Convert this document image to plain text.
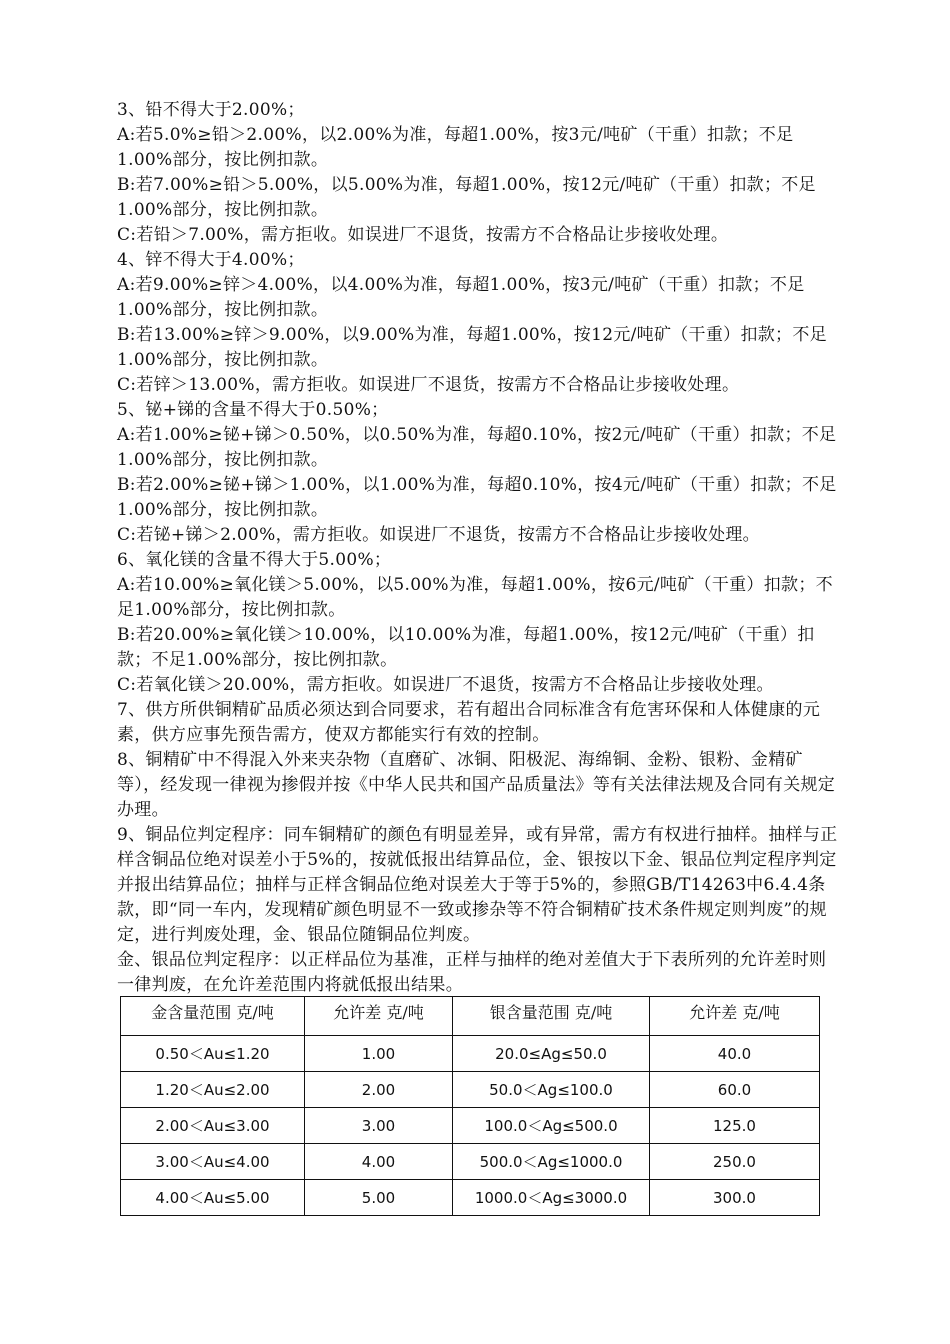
3、铅不得大于2.00%；

A:若5.0%≥铅＞2.00%，以2.00%为准，每超1.00%，按3元/吨矿（干重）扣款；不足1.00%部分，按比例扣款。

B:若7.00%≥铅＞5.00%，以5.00%为准，每超1.00%，按12元/吨矿（干重）扣款；不足1.00%部分，按比例扣款。

C:若铅＞7.00%，需方拒收。如误进厂不退货，按需方不合格品让步接收处理。

4、锌不得大于4.00%；

A:若9.00%≥锌＞4.00%，以4.00%为准，每超1.00%，按3元/吨矿（干重）扣款；不足1.00%部分，按比例扣款。

B:若13.00%≥锌＞9.00%，以9.00%为准，每超1.00%，按12元/吨矿（干重）扣款；不足1.00%部分，按比例扣款。

C:若锌＞13.00%，需方拒收。如误进厂不退货，按需方不合格品让步接收处理。

5、铋+锑的含量不得大于0.50%；

A:若1.00%≥铋+锑＞0.50%，以0.50%为准，每超0.10%，按2元/吨矿（干重）扣款；不足1.00%部分，按比例扣款。

B:若2.00%≥铋+锑＞1.00%，以1.00%为准，每超0.10%，按4元/吨矿（干重）扣款；不足1.00%部分，按比例扣款。

C:若铋+锑＞2.00%，需方拒收。如误进厂不退货，按需方不合格品让步接收处理。

6、氧化镁的含量不得大于5.00%；

A:若10.00%≥氧化镁＞5.00%，以5.00%为准，每超1.00%，按6元/吨矿（干重）扣款；不足1.00%部分，按比例扣款。

B:若20.00%≥氧化镁＞10.00%，以10.00%为准，每超1.00%，按12元/吨矿（干重）扣款；不足1.00%部分，按比例扣款。

C:若氧化镁＞20.00%，需方拒收。如误进厂不退货，按需方不合格品让步接收处理。

7、供方所供铜精矿品质必须达到合同要求，若有超出合同标准含有危害环保和人体健康的元素，供方应事先预告需方，使双方都能实行有效的控制。

8、铜精矿中不得混入外来夹杂物（直磨矿、冰铜、阳极泥、海绵铜、金粉、银粉、金精矿等），经发现一律视为掺假并按《中华人民共和国产品质量法》等有关法律法规及合同有关规定办理。

9、铜品位判定程序：同车铜精矿的颜色有明显差异，或有异常，需方有权进行抽样。抽样与正样含铜品位绝对误差小于5%的，按就低报出结算品位，金、银按以下金、银品位判定程序判定并报出结算品位；抽样与正样含铜品位绝对误差大于等于5%的，参照GB/T14263中6.4.4条款，即“同一车内，发现精矿颜色明显不一致或掺杂等不符合铜精矿技术条件规定则判废”的规定，进行判废处理，金、银品位随铜品位判废。

金、银品位判定程序：以正样品位为基准，正样与抽样的绝对差值大于下表所列的允许差时则一律判废，在允许差范围内将就低报出结果。

金含量范围 克/吨	允许差 克/吨	银含量范围 克/吨	允许差 克/吨
0.50＜Au≤1.20	1.00	20.0≤Ag≤50.0	40.0
1.20＜Au≤2.00	2.00	50.0＜Ag≤100.0	60.0
2.00＜Au≤3.00	3.00	100.0＜Ag≤500.0	125.0
3.00＜Au≤4.00	4.00	500.0＜Ag≤1000.0	250.0
4.00＜Au≤5.00	5.00	1000.0＜Ag≤3000.0	300.0
